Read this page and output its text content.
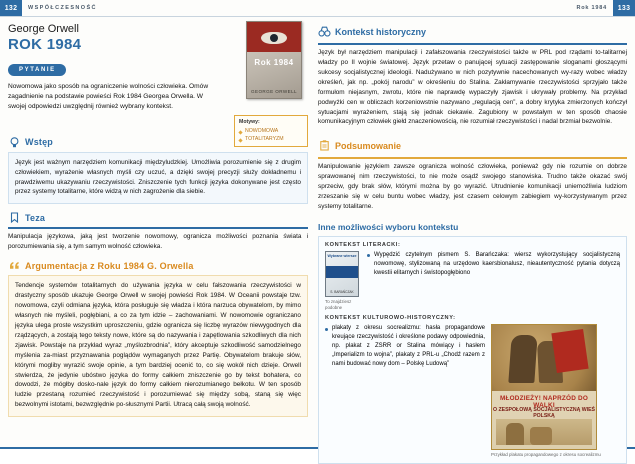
132	WSPÓŁCZESNOŚĆ	Rok 1984	133
Rok 1984
GEORGE ORWELL
George Orwell
ROK 1984
PYTANIE
Nowomowa jako sposób na ograniczenie wolności człowieka. Omów zagadnienie na podstawie powieści Rok 1984 Georgea Orwella. W swojej odpowiedzi uwzględnij również wybrany kontekst.
Motywy:
NOWOMOWA
TOTALITARYZM
Wstęp
Język jest ważnym narzędziem komunikacji międzyludzkiej. Umożliwia porozumienie się z drugim człowiekiem, wyrażenie własnych myśli czy uczuć, a dzięki swojej precyzji służy dokładnemu i prawdziwemu ukazywaniu rzeczywistości. Zniszczenie tych funkcji języka dokonywane jest często przez systemy totalitarne, które widzą w nich zagrożenie dla siebie.
Teza
Manipulacja językowa, jaką jest tworzenie nowomowy, ogranicza możliwości poznania świata i porozumiewania się, a tym samym wolność człowieka.
Argumentacja z Roku 1984 G. Orwella
Tendencje systemów totalitarnych do używania języka w celu fałszowania rzeczywistości w drastyczny sposób ukazuje George Orwell w swojej powieści Rok 1984. W Oceanii powstaje tzw. nowomowa, czyli odmiana języka, która posługuje się władza i która narzuca obywatelom, by mimo własnych nie myśleli, pogłębiani, a co za tym idzie – zachowaniami. W nowomowie ograniczano języka ulega proste wszystkim uproszczeniu, gdzie ogranicza się liczbę wyrazów niewygodnych dla rządzących, a zostają tego teksty nowe, które są do nazywania i zapętlowania szkodliwych dla nich zjawisk. Powstaje na przykład wyraz „myślozbrodnia”, który akceptuje szkodliwość samodzielnego myślenia za-miast przyznawania poglądów wymaganych przez Partię. Obywatelom brakuje słów, którymi mogliby wyrazić swoje opinie, a tym bardziej ocenić to, co się wokół nich dzieje. Orwell stwierdza, że jedynie ubóstwo języka do formy całkiem zniszczenie go by tekst bohatera, co dowodzi, że mógłby dosko-nale język do formy całkiem nierozumianego bełkotu. W ten sposób ludzie przestaną rozumieć rzeczywistość i porozumiewać się między sobą, staną się więc bezwolnymi istotami, bezwzględnie po-słusznymi Partii. Utracą całą swoją wolność.
Kontekst historyczny
Język był narzędziem manipulacji i zafałszowania rzeczywistości także w PRL pod rządami to-talitarnej władzy po II wojnie światowej. Język przetaw o panującej sytuacji zastępowanie sloganami głoszącymi sukcesy socjalistycznej ideologii. Nadużywano w nich pozytywnie nacechowanych wy-razy wobec władzy określeń, jak np. „pokój narodu” w określeniu do Stalina. Zakłamywanie rzeczywistości sprzyjało także formułom niejasnym, zwrotu, które nie naprawdę wypaczyły zjawisk i ukrywały problemy. Na przykład podwyżki cen w obliczach korzeniowstnie nazywano „regulacją cen”, a dobry krytyka zmierzonych kończył sytuacjami wyrażeniem, stają się jednak ciekawie. Zagubiony w powstałym w ten sposób chaosie komunikacyjnym człowiek giełd znaczeniowością, nie rozumiał rzeczywistości i nadal brzmiał bezwolnie.
Podsumowanie
Manipulowanie językiem zawsze ogranicza wolność człowieka, ponieważ gdy nie rozumie on dobrze sprawowanej nim rzeczywistości, to nie może osądź swojego stanowiska. Trudno także okazać swój sprzeciw, gdy brak słów, którymi można by go wyrazić. Utrudnienie komunikacji uniemożliwia ludziom zrzeszanie się w celu buntu wobec władzy, jest czasem celowym zabiegiem wy-korzystywanym przez systemy totalitarne.
Inne możliwości wyboru kontekstu
KONTEKST LITERACKI:
Wybrane wiersze
S. BARAŃCZAK
To znajdziesz podobne
Wypędzić czytelnym pismem S. Barańczaka: wiersz wykorzystujący socjalistyczną nowomowę, stylizowaną na urzędowo kaersbionalusz, nieautentyczność pytania dotyczą kwestii elitarnych i świstopogłębiono
KONTEKST KULTUROWO-HISTORYCZNY:
plakaty z okresu socrealizmu: hasła propagandowe kreujące rzeczywistość i określone podawy odpowiednia, np. plakat z ZSRR or Stalina mówiący i hasłem „Imperializm to wojna”, plakaty z PRL-u „Chodź razem z nami budować nowy dom – Polskę Ludową”
MŁODZIEŻY! NAPRZÓD DO WALKI
O ZESPOŁOWĄ SOCJALISTYCZNĄ WIEŚ POLSKĄ
Przykład plakatu propagandowego z okresu socrealizmu
